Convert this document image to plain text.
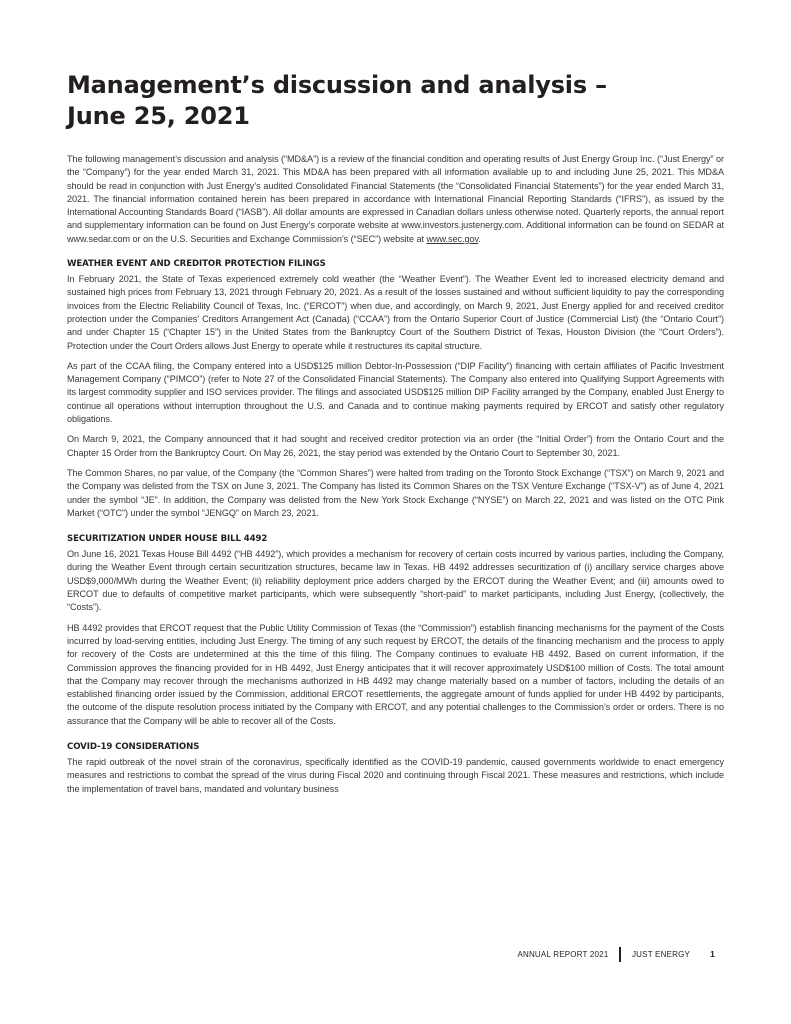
Management’s discussion and analysis –
June 25, 2021

The following management’s discussion and analysis (“MD&A”) is a review of the financial condition and operating results of Just Energy Group Inc. (“Just Energy” or the “Company”) for the year ended March 31, 2021. This MD&A has been prepared with all information available up to and including June 25, 2021. This MD&A should be read in conjunction with Just Energy’s audited Consolidated Financial Statements (the “Consolidated Financial Statements”) for the year ended March 31, 2021. The financial information contained herein has been prepared in accordance with International Financial Reporting Standards (“IFRS”), as issued by the International Accounting Standards Board (“IASB”). All dollar amounts are expressed in Canadian dollars unless otherwise noted. Quarterly reports, the annual report and supplementary information can be found on Just Energy’s corporate website at www.investors.justenergy.com. Additional information can be found on SEDAR at www.sedar.com or on the U.S. Securities and Exchange Commission’s (“SEC”) website at www.sec.gov.

WEATHER EVENT AND CREDITOR PROTECTION FILINGS

In February 2021, the State of Texas experienced extremely cold weather (the “Weather Event”). The Weather Event led to increased electricity demand and sustained high prices from February 13, 2021 through February 20, 2021. As a result of the losses sustained and without sufficient liquidity to pay the corresponding invoices from the Electric Reliability Council of Texas, Inc. (“ERCOT”) when due, and accordingly, on March 9, 2021, Just Energy applied for and received creditor protection under the Companies’ Creditors Arrangement Act (Canada) (“CCAA”) from the Ontario Superior Court of Justice (Commercial List) (the “Ontario Court”) and under Chapter 15 (“Chapter 15”) in the United States from the Bankruptcy Court of the Southern District of Texas, Houston Division (the “Court Orders”). Protection under the Court Orders allows Just Energy to operate while it restructures its capital structure.

As part of the CCAA filing, the Company entered into a USD$125 million Debtor-In-Possession (“DIP Facility”) financing with certain affiliates of Pacific Investment Management Company (“PIMCO”) (refer to Note 27 of the Consolidated Financial Statements). The Company also entered into Qualifying Support Agreements with its largest commodity supplier and ISO services provider. The filings and associated USD$125 million DIP Facility arranged by the Company, enabled Just Energy to continue all operations without interruption throughout the U.S. and Canada and to continue making payments required by ERCOT and satisfy other regulatory obligations.

On March 9, 2021, the Company announced that it had sought and received creditor protection via an order (the “Initial Order”) from the Ontario Court and the Chapter 15 Order from the Bankruptcy Court. On May 26, 2021, the stay period was extended by the Ontario Court to September 30, 2021.

The Common Shares, no par value, of the Company (the “Common Shares”) were halted from trading on the Toronto Stock Exchange (“TSX”) on March 9, 2021 and the Company was delisted from the TSX on June 3, 2021. The Company has listed its Common Shares on the TSX Venture Exchange (“TSX-V”) as of June 4, 2021 under the symbol “JE”. In addition, the Company was delisted from the New York Stock Exchange (“NYSE”) on March 22, 2021 and was listed on the OTC Pink Market (“OTC”) under the symbol “JENGQ” on March 23, 2021.

SECURITIZATION UNDER HOUSE BILL 4492

On June 16, 2021 Texas House Bill 4492 (“HB 4492”), which provides a mechanism for recovery of certain costs incurred by various parties, including the Company, during the Weather Event through certain securitization structures, became law in Texas. HB 4492 addresses securitization of (i) ancillary service charges above USD$9,000/MWh during the Weather Event; (ii) reliability deployment price adders charged by the ERCOT during the Weather Event; and (iii) amounts owed to ERCOT due to defaults of competitive market participants, which were subsequently “short-paid” to market participants, including Just Energy, (collectively, the “Costs”).

HB 4492 provides that ERCOT request that the Public Utility Commission of Texas (the “Commission”) establish financing mechanisms for the payment of the Costs incurred by load-serving entities, including Just Energy. The timing of any such request by ERCOT, the details of the financing mechanism and the process to apply for recovery of the Costs are undetermined at this the time of this filing. The Company continues to evaluate HB 4492. Based on current information, if the Commission approves the financing provided for in HB 4492, Just Energy anticipates that it will recover approximately USD$100 million of Costs. The total amount that the Company may recover through the mechanisms authorized in HB 4492 may change materially based on a number of factors, including the details of an established financing order issued by the Commission, additional ERCOT resettlements, the aggregate amount of funds applied for under HB 4492 by participants, the outcome of the dispute resolution process initiated by the Company with ERCOT, and any potential challenges to the Commission’s order or orders. There is no assurance that the Company will be able to recover all of the Costs.

COVID-19 CONSIDERATIONS

The rapid outbreak of the novel strain of the coronavirus, specifically identified as the COVID-19 pandemic, caused governments worldwide to enact emergency measures and restrictions to combat the spread of the virus during Fiscal 2020 and continuing through Fiscal 2021. These measures and restrictions, which include the implementation of travel bans, mandated and voluntary business

ANNUAL REPORT 2021	JUST ENERGY 1
